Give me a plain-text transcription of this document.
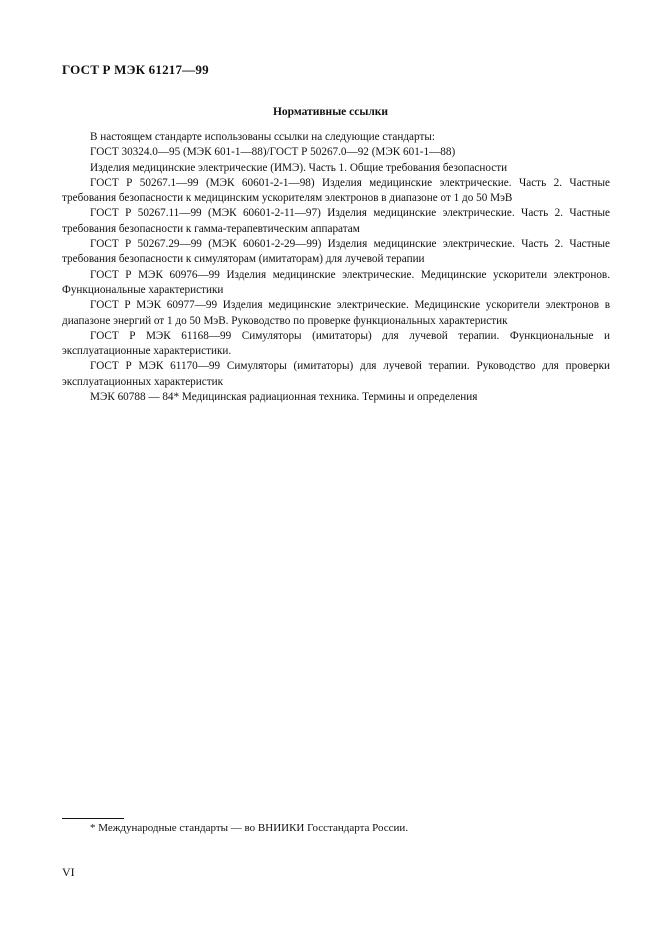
ГОСТ Р МЭК 61217—99
Нормативные ссылки

В настоящем стандарте использованы ссылки на следующие стандарты:

ГОСТ 30324.0—95 (МЭК 601-1—88)/ГОСТ Р 50267.0—92 (МЭК 601-1—88)

Изделия медицинские электрические (ИМЭ). Часть 1. Общие требования безопасности

ГОСТ Р 50267.1—99 (МЭК 60601-2-1—98) Изделия медицинские электрические. Часть 2. Частные требования безопасности к медицинским ускорителям электронов в диапазоне от 1 до 50 МэВ

ГОСТ Р 50267.11—99 (МЭК 60601-2-11—97) Изделия медицинские электрические. Часть 2. Частные требования безопасности к гамма-терапевтическим аппаратам

ГОСТ Р 50267.29—99 (МЭК 60601-2-29—99) Изделия медицинские электрические. Часть 2. Частные требования безопасности к симуляторам (имитаторам) для лучевой терапии

ГОСТ Р МЭК 60976—99 Изделия медицинские электрические. Медицинские ускорители электронов. Функциональные характеристики

ГОСТ Р МЭК 60977—99 Изделия медицинские электрические. Медицинские ускорители электронов в диапазоне энергий от 1 до 50 МэВ. Руководство по проверке функциональных характеристик

ГОСТ Р МЭК 61168—99 Симуляторы (имитаторы) для лучевой терапии. Функциональные и эксплуатационные характеристики.

ГОСТ Р МЭК 61170—99 Симуляторы (имитаторы) для лучевой терапии. Руководство для проверки эксплуатационных характеристик

МЭК 60788 — 84* Медицинская радиационная техника. Термины и определения

* Международные стандарты — во ВНИИКИ Госстандарта России.
VI
